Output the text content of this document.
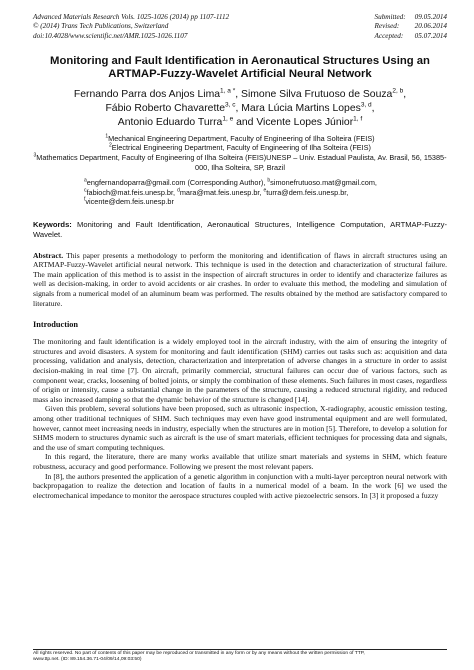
Advanced Materials Research Vols. 1025-1026 (2014) pp 1107-1112
© (2014) Trans Tech Publications, Switzerland
doi:10.4028/www.scientific.net/AMR.1025-1026.1107
Submitted:
Revised:
Accepted:
09.05.2014
20.06.2014
05.07.2014
Monitoring and Fault Identification in Aeronautical Structures Using an ARTMAP-Fuzzy-Wavelet Artificial Neural Network
Fernando Parra dos Anjos Lima$^{1, a *}$, Simone Silva Frutuoso de Souza$^{2, b}$,
Fábio Roberto Chavarette$^{3, c}$, Mara Lúcia Martins Lopes$^{3, d}$,
Antonio Eduardo Turra$^{1, e}$ and Vicente Lopes Júnior$^{1, f}$
$^1$Mechanical Engineering Department, Faculty of Engineering of Ilha Solteira (FEIS)
$^2$Electrical Engineering Department, Faculty of Engineering of Ilha Solteira (FEIS)
$^3$Mathematics Department, Faculty of Engineering of Ilha Solteira (FEIS)UNESP – Univ. Estadual Paulista, Av. Brasil, 56, 15385-000, Ilha Solteira, SP, Brazil
$^a$engfernandoparra@gmail.com (Corresponding Author), $^b$simonefrutuoso.mat@gmail.com,
$^c$fabioch@mat.feis.unesp.br, $^d$mara@mat.feis.unesp.br, $^e$turra@dem.feis.unesp.br,
$^f$vicente@dem.feis.unesp.br
Keywords: Monitoring and Fault Identification, Aeronautical Structures, Intelligence Computation, ARTMAP-Fuzzy-Wavelet.
Abstract. This paper presents a methodology to perform the monitoring and identification of flaws in aircraft structures using an ARTMAP-Fuzzy-Wavelet artificial neural network. This technique is used in the detection and characterization of structural failure. The main application of this method is to assist in the inspection of aircraft structures in order to identify and characterize failures as well as decision-making, in order to avoid accidents or air crashes. In order to evaluate this method, the modeling and simulation of signals from a numerical model of an aluminum beam was performed. The results obtained by the method are satisfactory compared to literature.
Introduction
The monitoring and fault identification is a widely employed tool in the aircraft industry, with the aim of ensuring the integrity of structures and avoid disasters. A system for monitoring and fault identification (SHM) carries out tasks such as: acquisition and data processing, validation and analysis, detection, characterization and interpretation of adverse changes in a structure in order to assist decision-making in real time [7]. On aircraft, primarily commercial, structural failures can occur due of various factors, such as component wear, cracks, loosening of bolted joints, or simply the combination of these elements. Such failures in most cases, regardless of origin or intensity, cause a substantial change in the parameters of the structure, causing a reduced structural rigidity, and reduced mass also increased damping so that the dynamic behavior of the structure is changed [14].
Given this problem, several solutions have been proposed, such as ultrasonic inspection, X-radiography, acoustic emission testing, among other traditional techniques of SHM. Such techniques may even have good instrumental equipment and are well formulated, however, cannot meet increasing needs in industry, especially when the structures are in motion [5]. Therefore, to develop a solution for SHMS modern to structures dynamic such as aircraft is the use of smart materials, efficient techniques for processing data and signals, and the use of smart computing techniques.
In this regard, the literature, there are many works available that utilize smart materials and systems in SHM, which feature robustness, accuracy and good performance. Following we present the most relevant papers.
In [8], the authors presented the application of a genetic algorithm in conjunction with a multi-layer perceptron neural network with backpropagation to realize the detection and location of faults in a numerical model of a beam. In the work [6] we used the electromechanical impedance to monitor the aerospace structures coupled with active piezoelectric sensors. In [3] it proposed a fuzzy
All rights reserved. No part of contents of this paper may be reproduced or transmitted in any form or by any means without the written permission of TTP,
www.ttp.net. (ID: 89.154.36.71-04/09/14,09:03:50)
